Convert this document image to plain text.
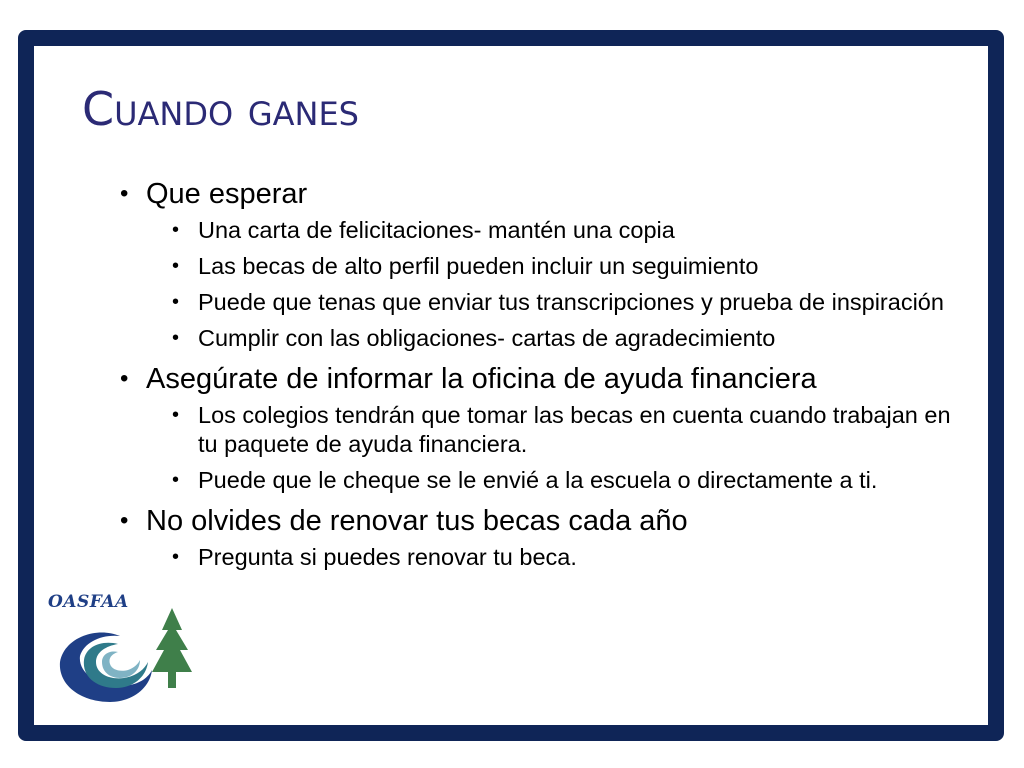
Cuando ganes
• Que esperar
• Una carta de felicitaciones- mantén una copia
• Las becas de alto perfil pueden incluir un seguimiento
• Puede que tenas que enviar tus transcripciones y prueba de inspiración
• Cumplir con las obligaciones- cartas de agradecimiento
• Asegúrate de informar la oficina de ayuda financiera
• Los colegios tendrán que tomar las becas en cuenta cuando trabajan en tu paquete de ayuda financiera.
• Puede que le cheque se le envié a la escuela o directamente a ti.
• No olvides de renovar tus becas cada año
• Pregunta si puedes renovar tu beca.
OASFAA
